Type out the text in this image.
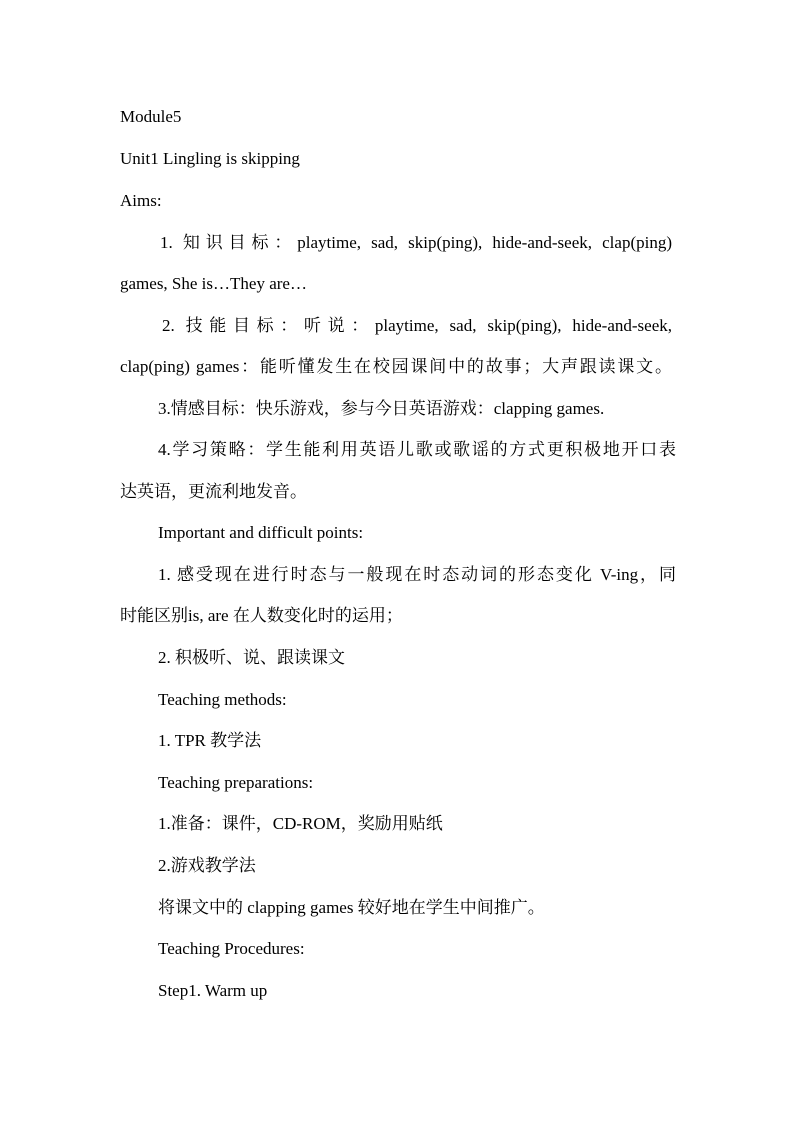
Module5
Unit1 Lingling is skipping
Aims:
1. 知识目标：playtime, sad, skip(ping), hide-and-seek, clap(ping)
games, She is…They are…
2. 技能目标：听说：playtime, sad, skip(ping), hide-and-seek,
clap(ping) games：能听懂发生在校园课间中的故事；大声跟读课文。
3.情感目标：快乐游戏，参与今日英语游戏：clapping games.
4.学习策略：学生能利用英语儿歌或歌谣的方式更积极地开口表
达英语，更流利地发音。
Important and difficult points:
1. 感受现在进行时态与一般现在时态动词的形态变化 V-ing，同
时能区别is, are 在人数变化时的运用；
2. 积极听、说、跟读课文
Teaching methods:
1. TPR 教学法
Teaching preparations:
1.准备：课件，CD-ROM，奖励用贴纸
2.游戏教学法
将课文中的 clapping games 较好地在学生中间推广。
Teaching Procedures:
Step1. Warm up
